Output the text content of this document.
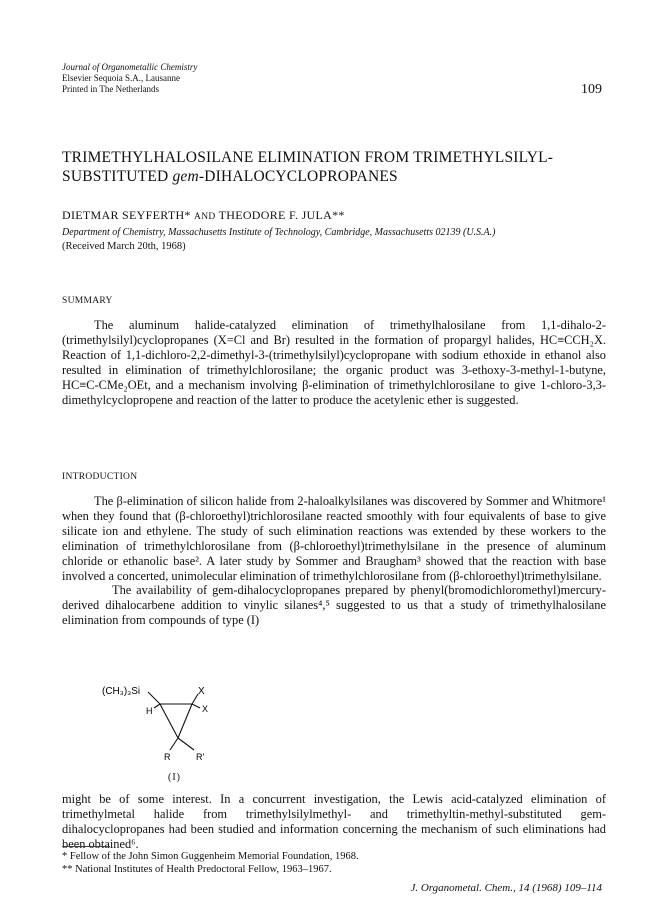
Journal of Organometallic Chemistry
Elsevier Sequoia S.A., Lausanne
Printed in The Netherlands	109
TRIMETHYLHALOSILANE ELIMINATION FROM TRIMETHYLSILYL-
SUBSTITUTED gem-DIHALOCYCLOPROPANES
DIETMAR SEYFERTH* AND THEODORE F. JULA**
Department of Chemistry, Massachusetts Institute of Technology, Cambridge, Massachusetts 02139 (U.S.A.)
(Received March 20th, 1968)
SUMMARY

The aluminum halide-catalyzed elimination of trimethylhalosilane from 1,1-dihalo-2-(trimethylsilyl)cyclopropanes (X=Cl and Br) resulted in the formation of propargyl halides, HC≡CCH₂X. Reaction of 1,1-dichloro-2,2-dimethyl-3-(trimethylsilyl)cyclopropane with sodium ethoxide in ethanol also resulted in elimination of trimethylchlorosilane; the organic product was 3-ethoxy-3-methyl-1-butyne, HC≡C-CMe₂OEt, and a mechanism involving β-elimination of trimethylchlorosilane to give 1-chloro-3,3-dimethylcyclopropene and reaction of the latter to produce the acetylenic ether is suggested.

INTRODUCTION

The β-elimination of silicon halide from 2-haloalkylsilanes was discovered by Sommer and Whitmore¹ when they found that (β-chloroethyl)trichlorosilane reacted smoothly with four equivalents of base to give silicate ion and ethylene. The study of such elimination reactions was extended by these workers to the elimination of trimethylchlorosilane from (β-chloroethyl)trimethylsilane in the presence of aluminum chloride or ethanolic base². A later study by Sommer and Braugham³ showed that the reaction with base involved a concerted, unimolecular elimination of trimethylchlorosilane from (β-chloroethyl)trimethylsilane.

The availability of gem-dihalocyclopropanes prepared by phenyl(bromodichloromethyl)mercury-derived dihalocarbene addition to vinylic silanes⁴,⁵ suggested to us that a study of trimethylhalosilane elimination from compounds of type (I)

(CH₃)₃Si	X
X
H
R	R'
(I)

might be of some interest. In a concurrent investigation, the Lewis acid-catalyzed elimination of trimethylmetal halide from trimethylsilylmethyl- and trimethyltin-methyl-substituted gem-dihalocyclopropanes had been studied and information concerning the mechanism of such eliminations had been obtained⁶.

* Fellow of the John Simon Guggenheim Memorial Foundation, 1968.
** National Institutes of Health Predoctoral Fellow, 1963–1967.
J. Organometal. Chem., 14 (1968) 109–114
